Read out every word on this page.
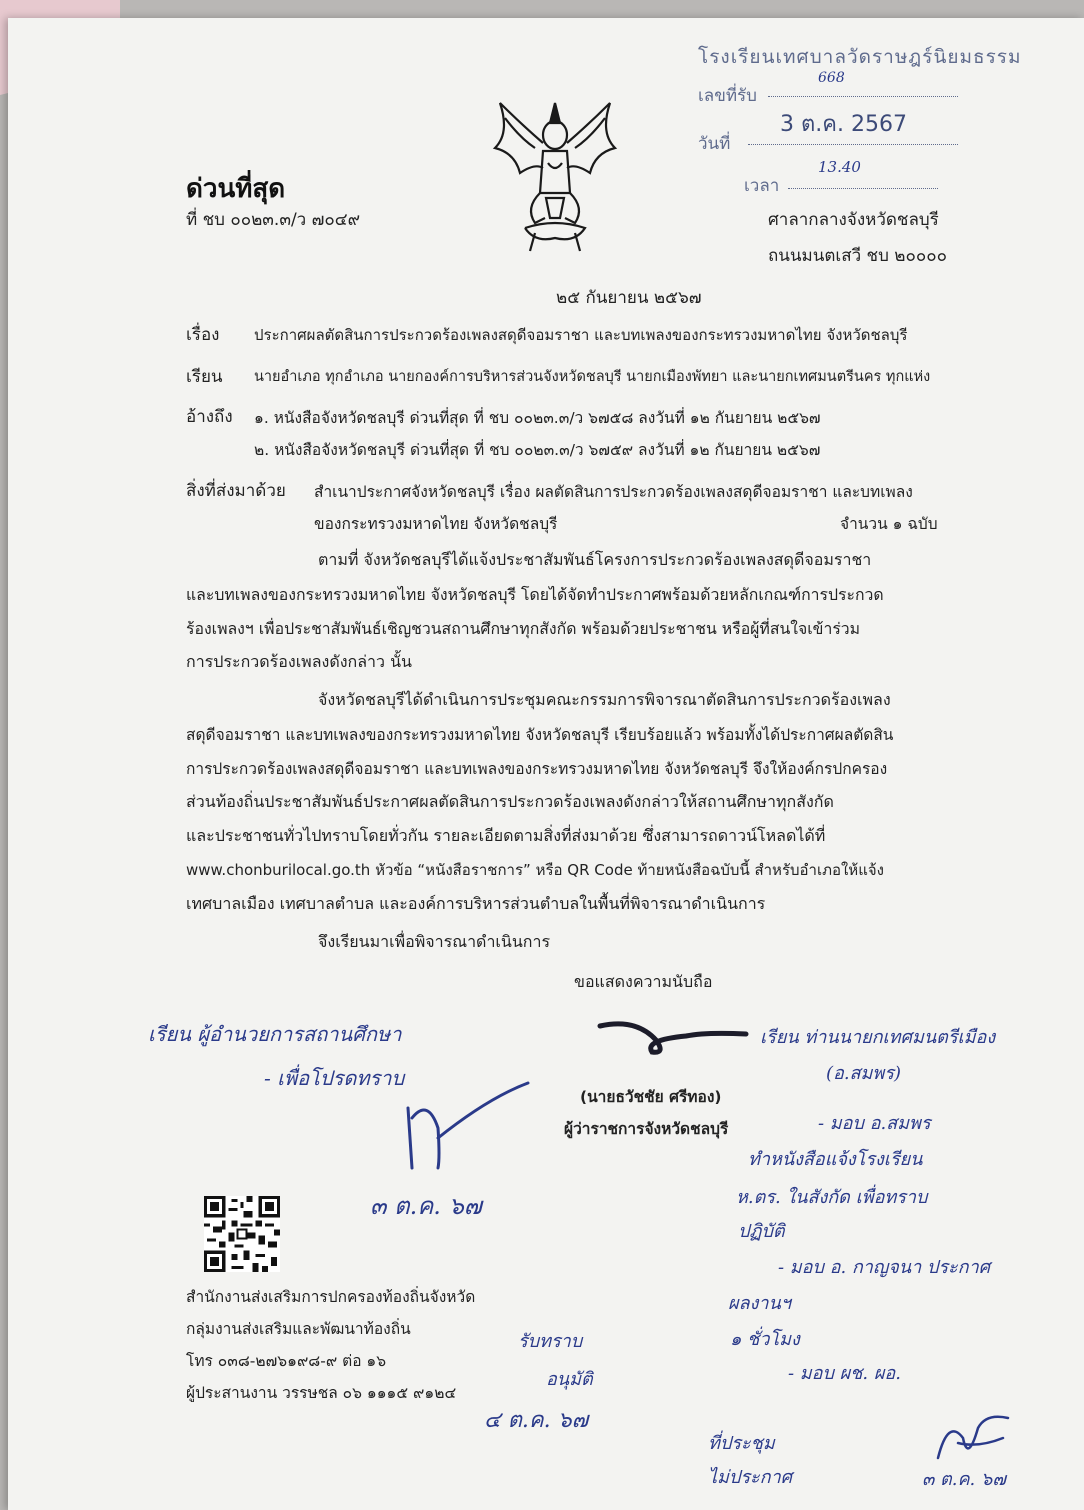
โรงเรียนเทศบาลวัดราษฎร์นิยมธรรม
เลขที่รับ
668
วันที่
3 ต.ค. 2567
เวลา
13.40
ด่วนที่สุด
ที่ ชบ ๐๐๒๓.๓/ว ๗๐๔๙	ศาลากลางจังหวัดชลบุรี
ถนนมนตเสวี ชบ ๒๐๐๐๐
๒๕ กันยายน ๒๕๖๗
เรื่อง ประกาศผลตัดสินการประกวดร้องเพลงสดุดีจอมราชา และบทเพลงของกระทรวงมหาดไทย จังหวัดชลบุรี
เรียน นายอำเภอ ทุกอำเภอ นายกองค์การบริหารส่วนจังหวัดชลบุรี นายกเมืองพัทยา และนายกเทศมนตรีนคร ทุกแห่ง
อ้างถึง ๑. หนังสือจังหวัดชลบุรี ด่วนที่สุด ที่ ชบ ๐๐๒๓.๓/ว ๖๗๕๘ ลงวันที่ ๑๒ กันยายน ๒๕๖๗
๒. หนังสือจังหวัดชลบุรี ด่วนที่สุด ที่ ชบ ๐๐๒๓.๓/ว ๖๗๕๙ ลงวันที่ ๑๒ กันยายน ๒๕๖๗
สิ่งที่ส่งมาด้วย สำเนาประกาศจังหวัดชลบุรี เรื่อง ผลตัดสินการประกวดร้องเพลงสดุดีจอมราชา และบทเพลง
ของกระทรวงมหาดไทย จังหวัดชลบุรี	จำนวน ๑ ฉบับ
ตามที่ จังหวัดชลบุรีได้แจ้งประชาสัมพันธ์โครงการประกวดร้องเพลงสดุดีจอมราชา
และบทเพลงของกระทรวงมหาดไทย จังหวัดชลบุรี โดยได้จัดทำประกาศพร้อมด้วยหลักเกณฑ์การประกวด
ร้องเพลงฯ เพื่อประชาสัมพันธ์เชิญชวนสถานศึกษาทุกสังกัด พร้อมด้วยประชาชน หรือผู้ที่สนใจเข้าร่วม
การประกวดร้องเพลงดังกล่าว นั้น
จังหวัดชลบุรีได้ดำเนินการประชุมคณะกรรมการพิจารณาตัดสินการประกวดร้องเพลง
สดุดีจอมราชา และบทเพลงของกระทรวงมหาดไทย จังหวัดชลบุรี เรียบร้อยแล้ว พร้อมทั้งได้ประกาศผลตัดสิน
การประกวดร้องเพลงสดุดีจอมราชา และบทเพลงของกระทรวงมหาดไทย จังหวัดชลบุรี จึงให้องค์กรปกครอง
ส่วนท้องถิ่นประชาสัมพันธ์ประกาศผลตัดสินการประกวดร้องเพลงดังกล่าวให้สถานศึกษาทุกสังกัด
และประชาชนทั่วไปทราบโดยทั่วกัน รายละเอียดตามสิ่งที่ส่งมาด้วย ซึ่งสามารถดาวน์โหลดได้ที่
www.chonburilocal.go.th หัวข้อ “หนังสือราชการ” หรือ QR Code ท้ายหนังสือฉบับนี้ สำหรับอำเภอให้แจ้ง
เทศบาลเมือง เทศบาลตำบล และองค์การบริหารส่วนตำบลในพื้นที่พิจารณาดำเนินการ
จึงเรียนมาเพื่อพิจารณาดำเนินการ
ขอแสดงความนับถือ
(นายธวัชชัย ศรีทอง)
ผู้ว่าราชการจังหวัดชลบุรี
สำนักงานส่งเสริมการปกครองท้องถิ่นจังหวัด
กลุ่มงานส่งเสริมและพัฒนาท้องถิ่น
โทร ๐๓๘-๒๗๖๑๙๘-๙ ต่อ ๑๖
ผู้ประสานงาน วรรษชล ๐๖ ๑๑๑๕ ๙๑๒๔
เรียน ผู้อำนวยการสถานศึกษา
- เพื่อโปรดทราบ
๓ ต.ค. ๖๗
เรียน ท่านนายกเทศมนตรีเมือง
(อ.สมพร)
- มอบ อ.สมพร
ทำหนังสือแจ้งโรงเรียน
ห.ตร. ในสังกัด เพื่อทราบ
ปฏิบัติ
- มอบ อ. กาญจนา ประกาศ
ผลงานฯ
๑ ชั่วโมง
- มอบ ผช. ผอ.
ที่ประชุม
ไม่ประกาศ	๓ ต.ค. ๖๗
รับทราบ
อนุมัติ
๔ ต.ค. ๖๗
